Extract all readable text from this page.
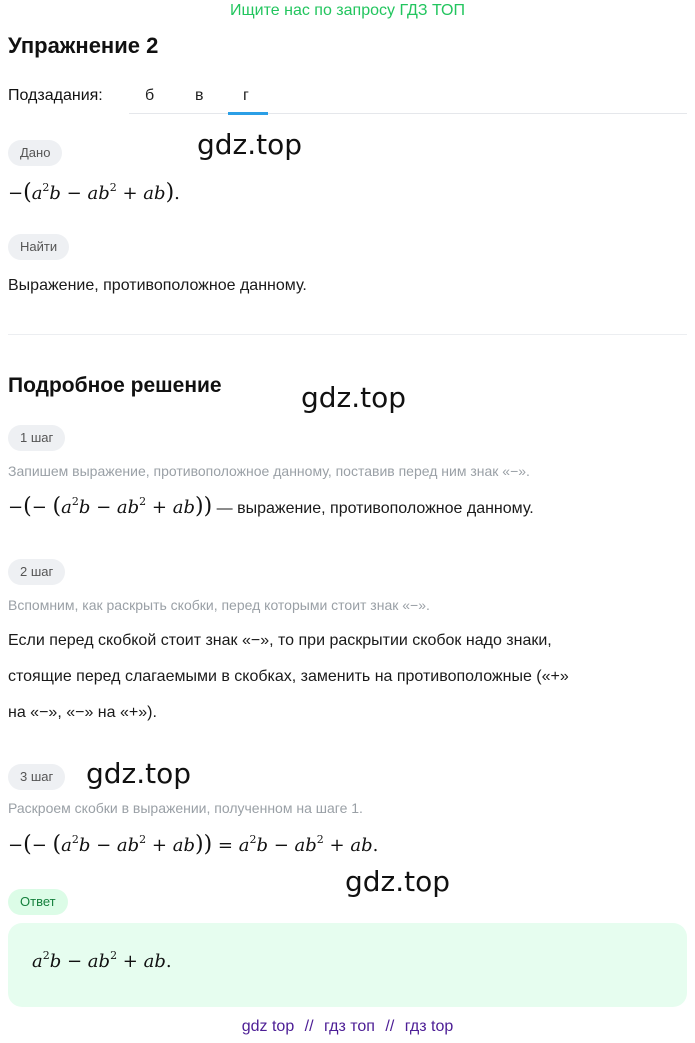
Ищите нас по запросу ГДЗ ТОП
Упражнение 2
Подзадания:	б	в г
Дано	gdz.top
$-(a^2b - ab^2 + ab)$.
Найти
Выражение, противоположное данному.
Подробное решение	gdz.top
1 шаг
Запишем выражение, противоположное данному, поставив перед ним знак «−».
−(− $(a^2b - ab^2 + ab)$) — выражение, противоположное данному.
2 шаг
Вспомним, как раскрыть скобки, перед которыми стоит знак «−».
Если перед скобкой стоит знак «−», то при раскрытии скобок надо знаки,
стоящие перед слагаемыми в скобках, заменить на противоположные («+»
на «−», «−» на «+»).
3 шаг	gdz.top
Раскроем скобки в выражении, полученном на шаге 1.
−(− $(a^2b - ab^2 + ab)) = a^2b - ab^2$ + ab.
gdz.top
Ответ
$a^2b - ab^2$ + ab.
gdz top // гдз топ // гдз top
